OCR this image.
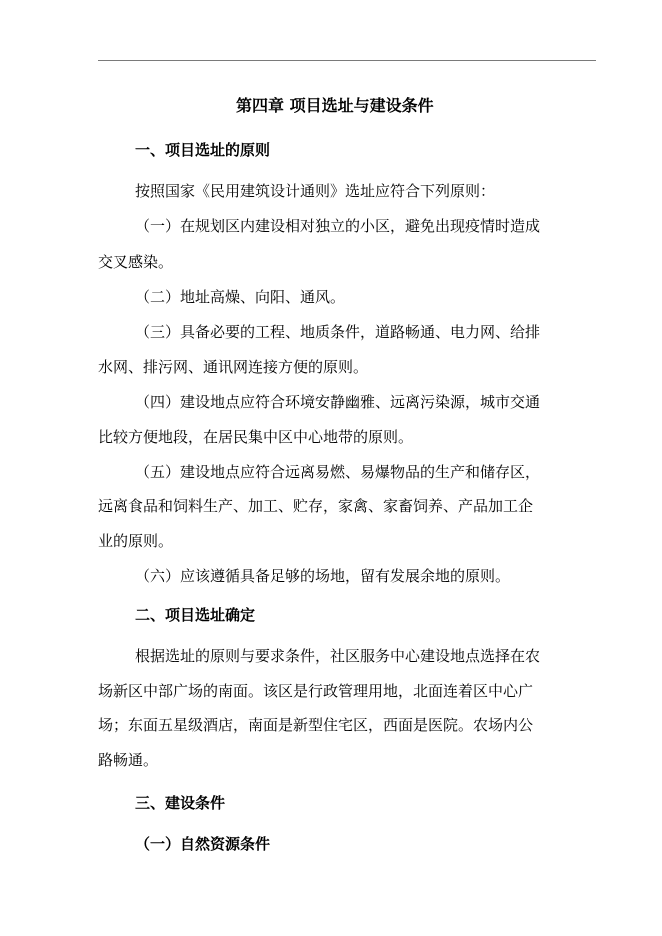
第四章 项目选址与建设条件
一、项目选址的原则
按照国家《民用建筑设计通则》选址应符合下列原则：
（一）在规划区内建设相对独立的小区，避免出现疫情时造成
交叉感染。
（二）地址高燥、向阳、通风。
（三）具备必要的工程、地质条件，道路畅通、电力网、给排
水网、排污网、通讯网连接方便的原则。
（四）建设地点应符合环境安静幽雅、远离污染源，城市交通
比较方便地段，在居民集中区中心地带的原则。
（五）建设地点应符合远离易燃、易爆物品的生产和储存区，
远离食品和饲料生产、加工、贮存，家禽、家畜饲养、产品加工企
业的原则。
（六）应该遵循具备足够的场地，留有发展余地的原则。
二、项目选址确定
根据选址的原则与要求条件，社区服务中心建设地点选择在农
场新区中部广场的南面。该区是行政管理用地，北面连着区中心广
场；东面五星级酒店，南面是新型住宅区，西面是医院。农场内公
路畅通。
三、建设条件
（一）自然资源条件
